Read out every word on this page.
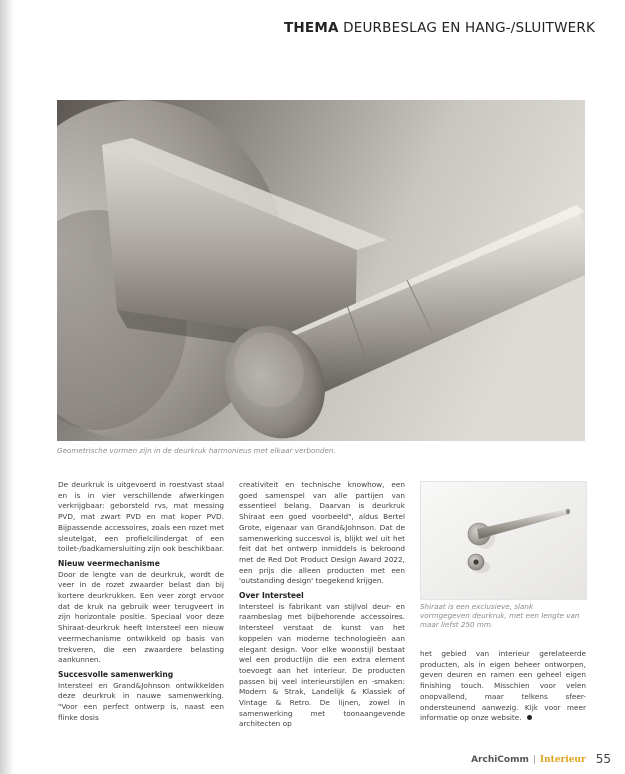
THEMA DEURBESLAG EN HANG-/SLUITWERK
Geometrische vormen zijn in de deurkruk harmonieus met elkaar verbonden.

De deurkruk is uitgevoerd in roestvast staal en is in vier verschillende afwerkingen verkrijgbaar: geborsteld rvs, mat messing PVD, mat zwart PVD en mat koper PVD. Bijpassende accessoires, zoals een rozet met sleutelgat, een profielcilindergat of een toilet-/badkamersluiting zijn ook beschikbaar.

Nieuw veermechanisme

Door de lengte van de deurkruk, wordt de veer in de rozet zwaarder belast dan bij kortere deurkrukken. Een veer zorgt ervoor dat de kruk na gebruik weer terugveert in zijn horizontale positie. Speciaal voor deze Shiraat-deurkruk heeft Intersteel een nieuw veermechanisme ontwikkeld op basis van trekveren, die een zwaardere belasting aankunnen.

Succesvolle samenwerking

Intersteel en Grand&Johnson ontwikkelden deze deurkruk in nauwe samenwerking. "Voor een perfect ontwerp is, naast een flinke dosis

creativiteit en technische knowhow, een goed samenspel van alle partijen van essentieel belang. Daarvan is deurkruk Shiraat een goed voorbeeld", aldus Bertel Grote, eigenaar van Grand&Johnson. Dat de samenwerking succesvol is, blijkt wel uit het feit dat het ontwerp inmiddels is bekroond met de Red Dot Product Design Award 2022, een prijs die alleen producten met een 'outstanding design' toegekend krijgen.

Over Intersteel

Intersteel is fabrikant van stijlvol deur- en raambeslag met bijbehorende accessoires. Intersteel verstaat de kunst van het koppelen van moderne technologieën aan elegant design. Voor elke woonstijl bestaat wel een productlijn die een extra element toevoegt aan het interieur. De producten passen bij veel interieurstijlen en -smaken: Modern & Strak, Landelijk & Klassiek of Vintage & Retro. De lijnen, zowel in samenwerking met toonaangevende architecten op

Shiraat is een exclusieve, slank vormgegeven deurkruk, met een lengte van maar liefst 250 mm.

het gebied van interieur gerelateerde producten, als in eigen beheer ontworpen, geven deuren en ramen een geheel eigen finishing touch. Misschien voor velen onopvallend, maar telkens sfeer-ondersteunend aanwezig. Kijk voor meer informatie op onze website.

ArchiComm | Interieur 55
